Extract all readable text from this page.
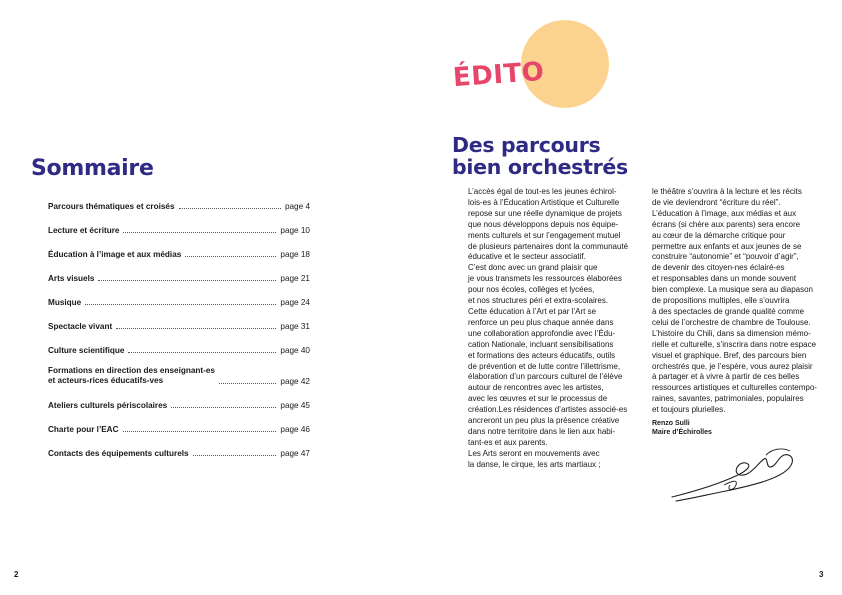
Sommaire
Parcours thématiques et croisés	page 4
Lecture et écriture	page 10
Éducation à l’image et aux médias	page 18
Arts visuels	page 21
Musique	page 24
Spectacle vivant	page 31
Culture scientifique	page 40
Formations en direction des enseignant-es
et acteurs-rices éducatifs-ves	page 42
Ateliers culturels périscolaires	page 45
Charte pour l’EAC	page 46
Contacts des équipements culturels	page 47
2
ÉDITO
Des parcours
bien orchestrés

L’accès égal de tout-es les jeunes échirol-

lois-es à l’Éducation Artistique et Culturelle

repose sur une réelle dynamique de projets

que nous développons depuis nos équipe-

ments culturels et sur l’engagement mutuel

de plusieurs partenaires dont la communauté

éducative et le secteur associatif.

C’est donc avec un grand plaisir que

je vous transmets les ressources élaborées

pour nos écoles, collèges et lycées,

et nos structures péri et extra-scolaires.

Cette éducation à l’Art et par l’Art se

renforce un peu plus chaque année dans

une collaboration approfondie avec l’Édu-

cation Nationale, incluant sensibilisations

et formations des acteurs éducatifs, outils

de prévention et de lutte contre l’illettrisme,

élaboration d’un parcours culturel de l’élève

autour de rencontres avec les artistes,

avec les œuvres et sur le processus de

création.Les résidences d’artistes associé-es

ancreront un peu plus la présence créative

dans notre territoire dans le lien aux habi-

tant-es et aux parents.

Les Arts seront en mouvements avec

la danse, le cirque, les arts martiaux ;

le théâtre s’ouvrira à la lecture et les récits

de vie deviendront “écriture du réel”.

L’éducation à l’image, aux médias et aux

écrans (si chère aux parents) sera encore

au cœur de la démarche critique pour

permettre aux enfants et aux jeunes de se

construire “autonomie” et “pouvoir d’agir”,

de devenir des citoyen-nes éclairé-es

et responsables dans un monde souvent

bien complexe. La musique sera au diapason

de propositions multiples, elle s’ouvrira

à des spectacles de grande qualité comme

celui de l’orchestre de chambre de Toulouse.

L’histoire du Chili, dans sa dimension mémo-

rielle et culturelle, s’inscrira dans notre espace

visuel et graphique. Bref, des parcours bien

orchestrés que, je l’espère, vous aurez plaisir

à partager et à vivre à partir de ces belles

ressources artistiques et culturelles contempo-

raines, savantes, patrimoniales, populaires

et toujours plurielles.

Renzo Sulli
Maire d’Échirolles
3
